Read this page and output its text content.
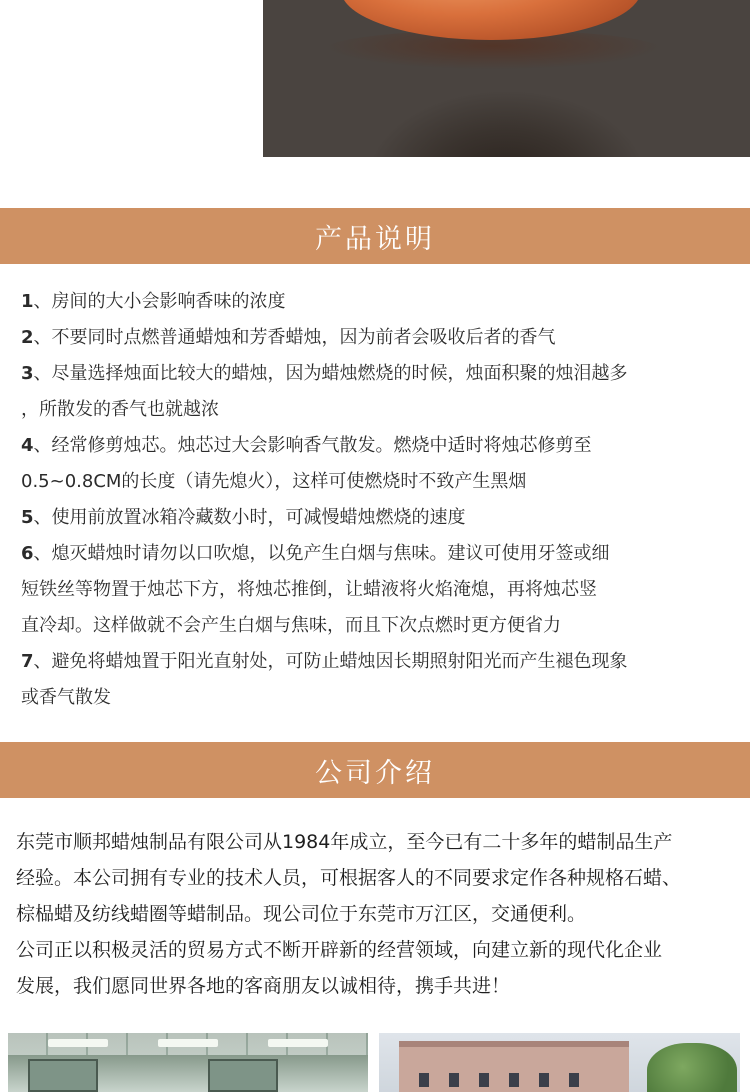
产品说明
1、房间的大小会影响香味的浓度
2、不要同时点燃普通蜡烛和芳香蜡烛，因为前者会吸收后者的香气
3、尽量选择烛面比较大的蜡烛，因为蜡烛燃烧的时候，烛面积聚的烛泪越多
，所散发的香气也就越浓
4、经常修剪烛芯。烛芯过大会影响香气散发。燃烧中适时将烛芯修剪至
0.5~0.8CM的长度（请先熄火），这样可使燃烧时不致产生黑烟
5、使用前放置冰箱冷藏数小时，可减慢蜡烛燃烧的速度
6、熄灭蜡烛时请勿以口吹熄，以免产生白烟与焦味。建议可使用牙签或细
短铁丝等物置于烛芯下方，将烛芯推倒，让蜡液将火焰淹熄，再将烛芯竖
直冷却。这样做就不会产生白烟与焦味，而且下次点燃时更方便省力
7、避免将蜡烛置于阳光直射处，可防止蜡烛因长期照射阳光而产生褪色现象
或香气散发
公司介绍
东莞市顺邦蜡烛制品有限公司从1984年成立，至今已有二十多年的蜡制品生产
经验。本公司拥有专业的技术人员，可根据客人的不同要求定作各种规格石蜡、
棕榀蜡及纺线蜡圈等蜡制品。现公司位于东莞市万江区，交通便利。
公司正以积极灵活的贸易方式不断开辟新的经营领域，向建立新的现代化企业
发展，我们愿同世界各地的客商朋友以诚相待，携手共进！
